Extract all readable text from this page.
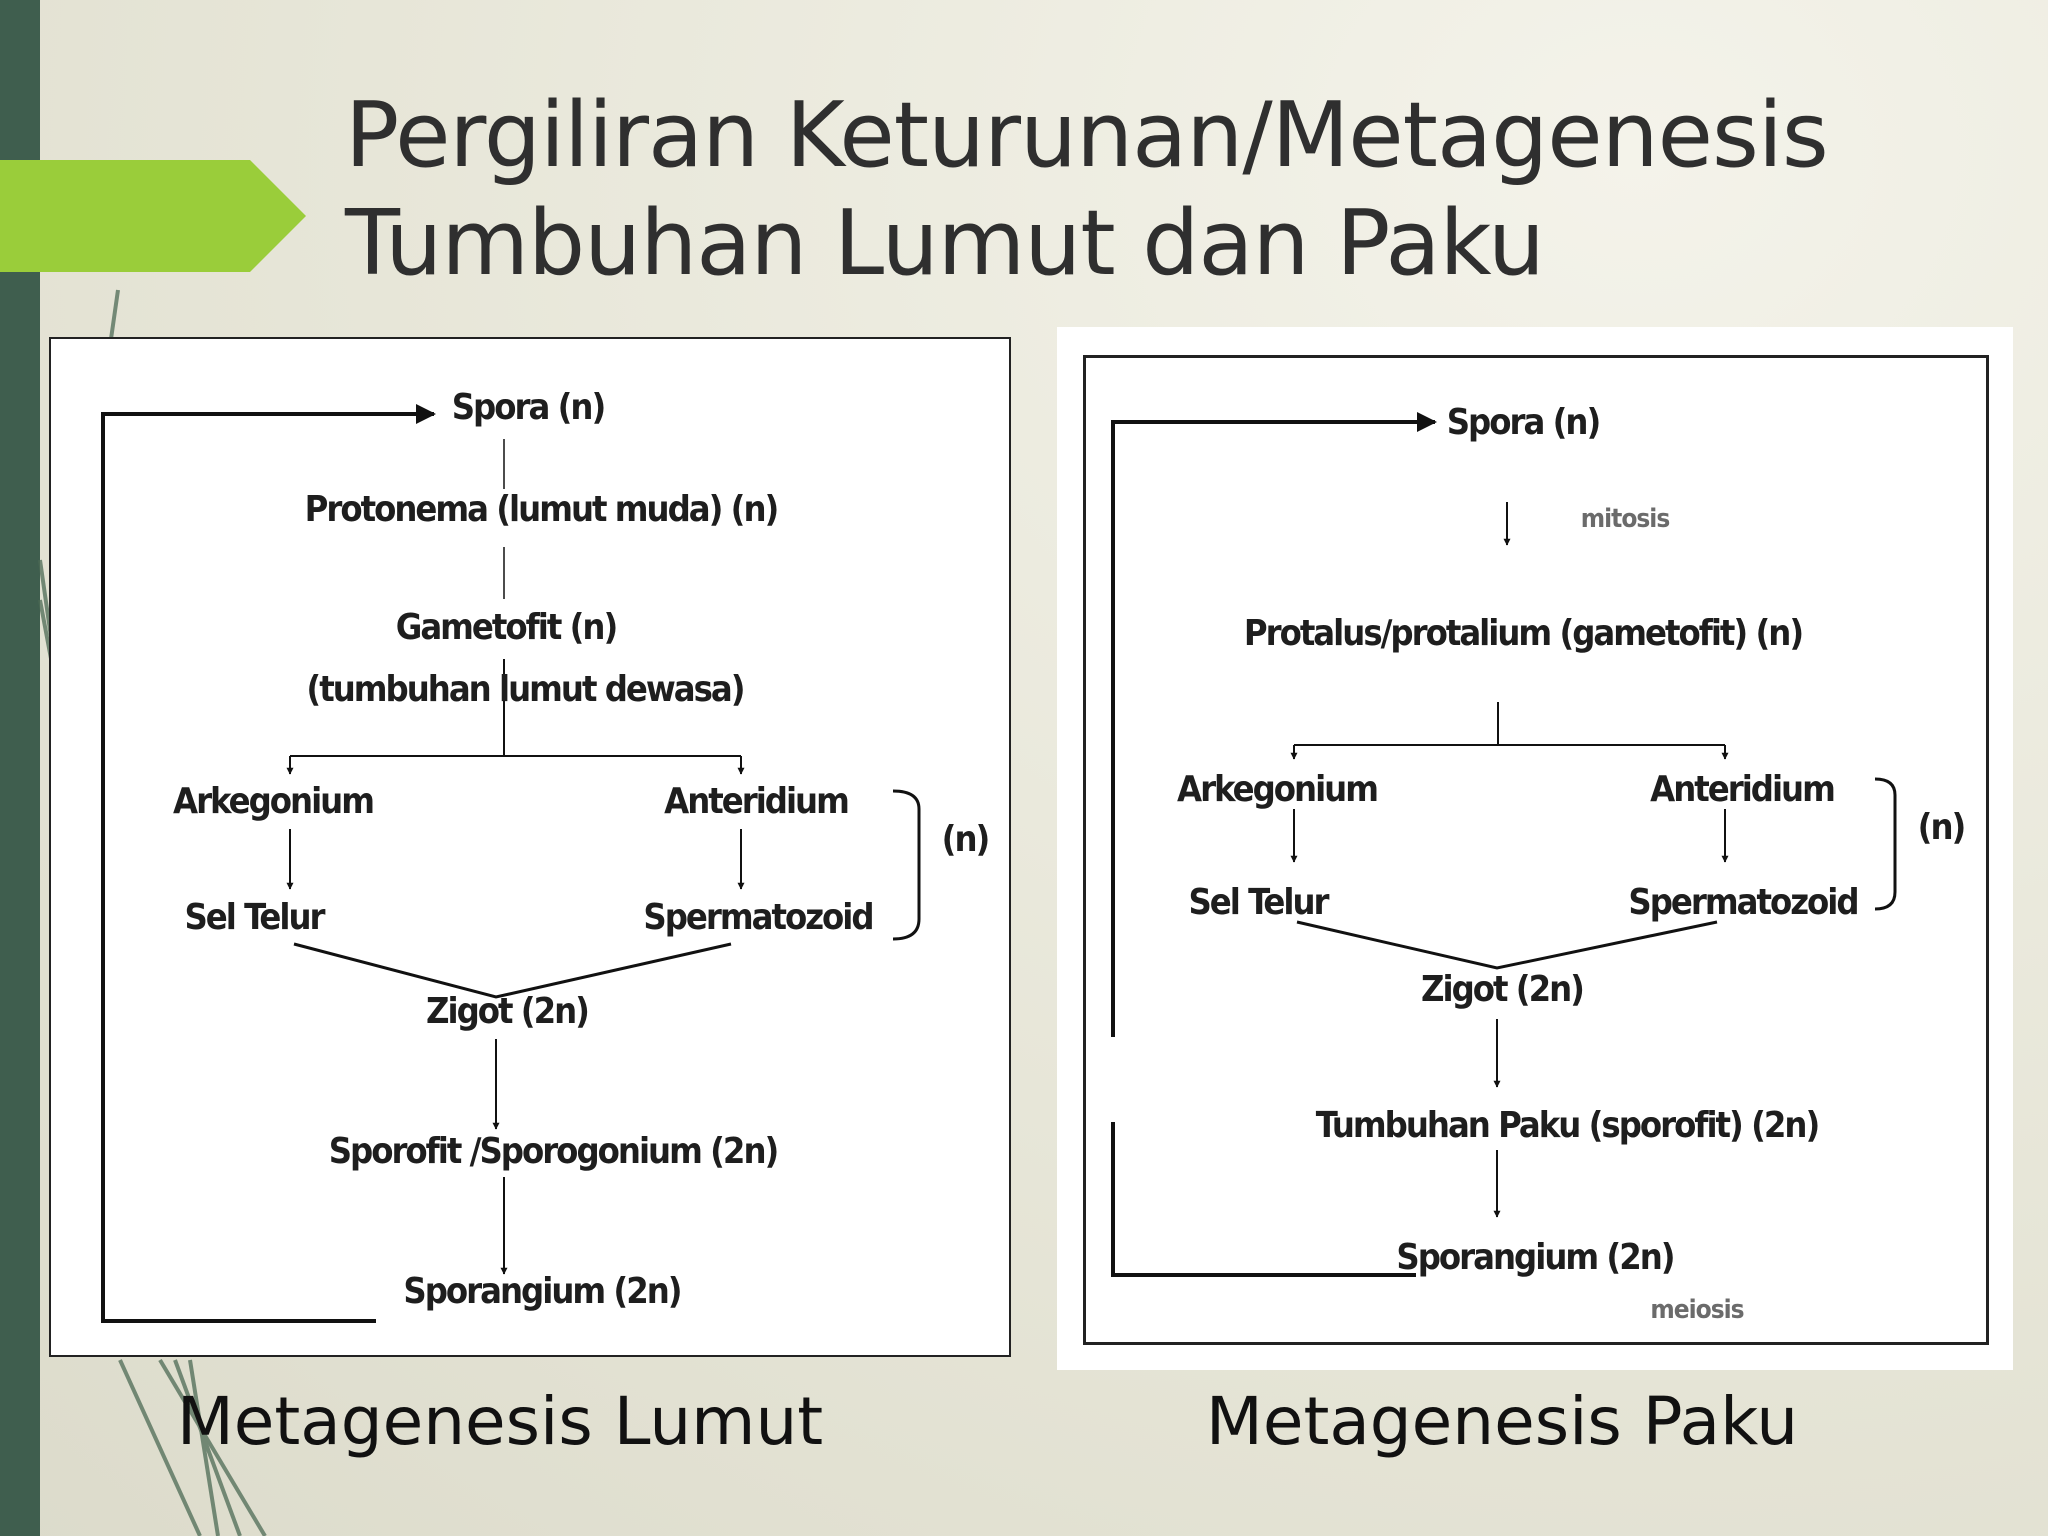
Pergiliran Keturunan/Metagenesis
Tumbuhan Lumut dan Paku
Spora (n)
Protonema (lumut muda) (n)
Gametofit (n)
(tumbuhan lumut dewasa)
Arkegonium	Anteridium
Sel Telur	Spermatozoid
(n)
Zigot (2n)
Sporofit /Sporogonium (2n)
Sporangium (2n)
Spora (n)
mitosis
Protalus/protalium (gametofit) (n)
Arkegonium	Anteridium
Sel Telur	Spermatozoid
(n)
Zigot (2n)
Tumbuhan Paku (sporofit) (2n)
Sporangium (2n)
meiosis
Metagenesis Lumut	Metagenesis Paku
